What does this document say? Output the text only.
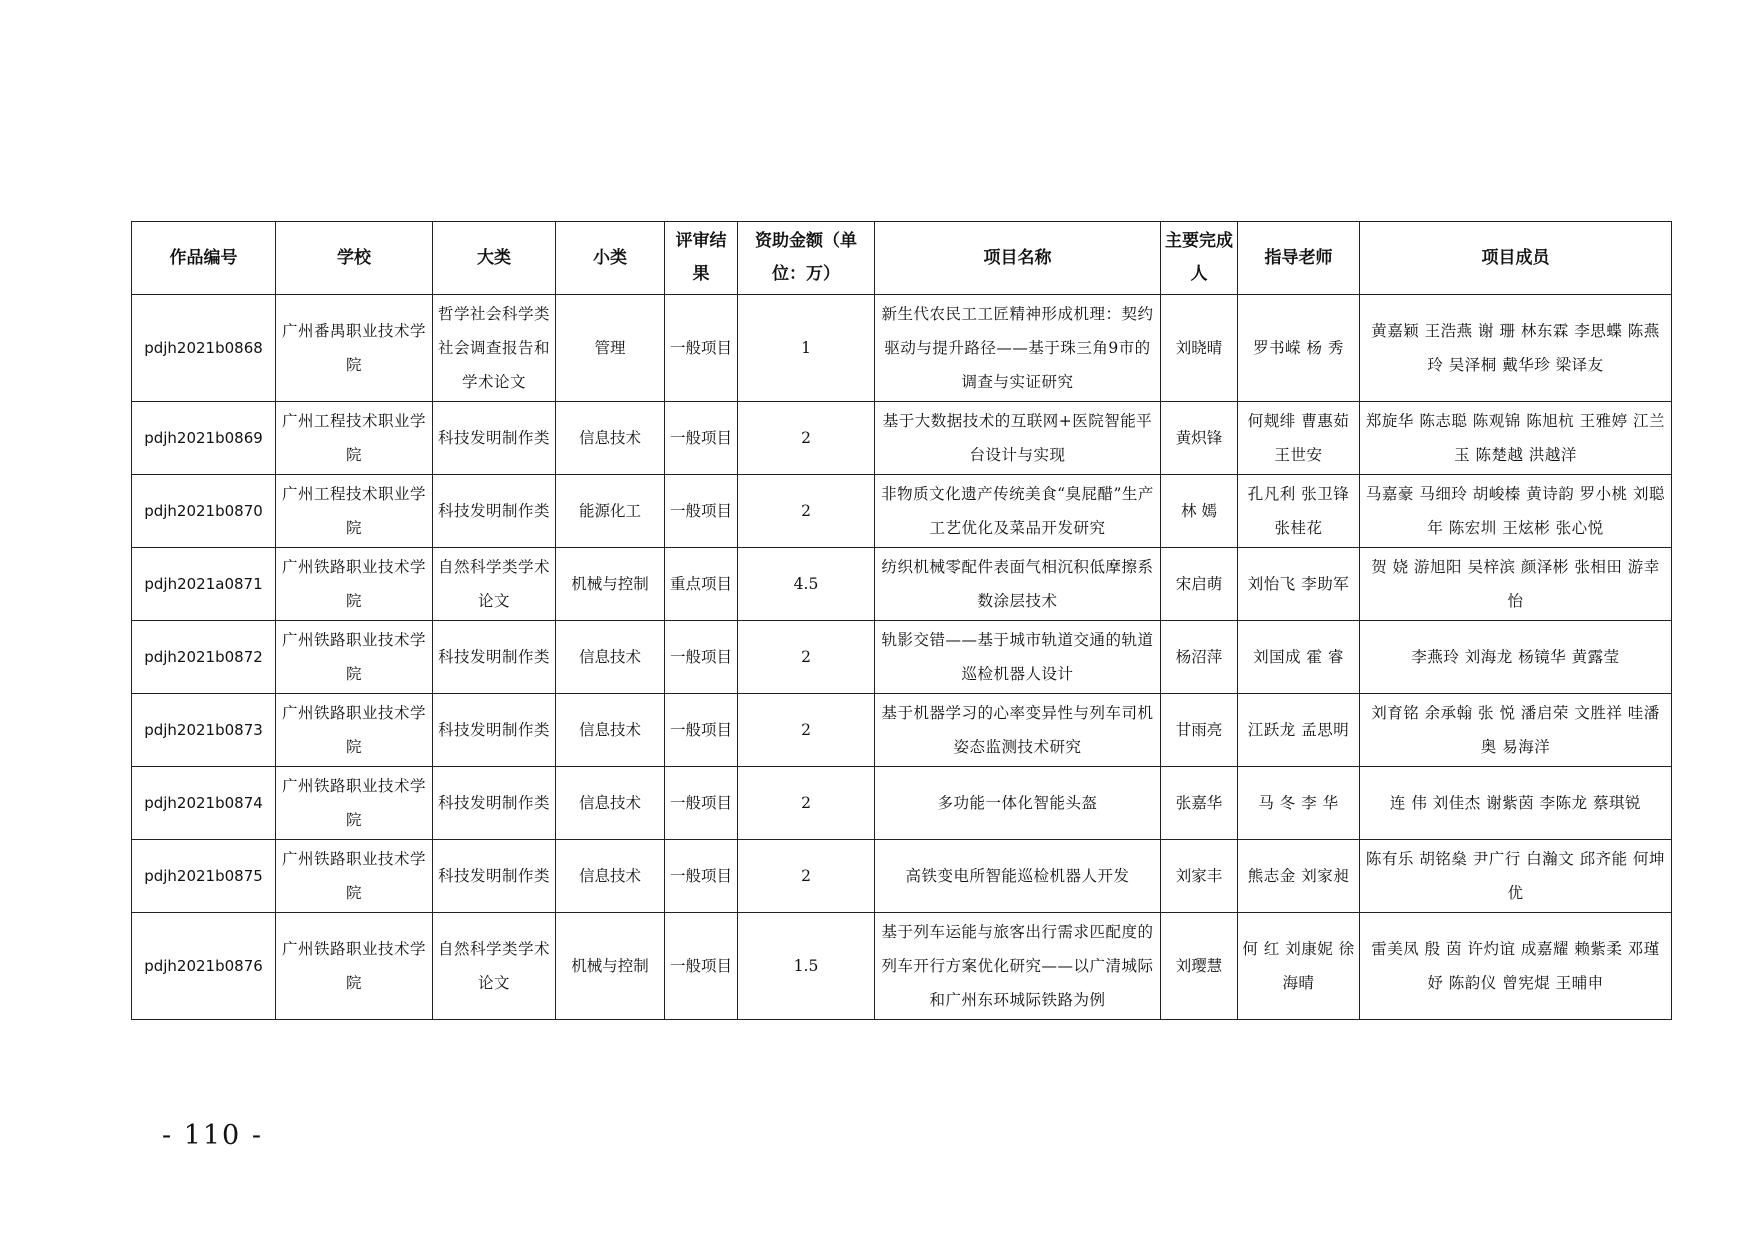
作品编号	学校	大类	小类	评审结果	资助金额（单位：万）	项目名称	主要完成人	指导老师	项目成员
pdjh2021b0868	广州番禺职业技术学院	哲学社会科学类社会调查报告和学术论文	管理	一般项目	1	新生代农民工工匠精神形成机理：契约驱动与提升路径——基于珠三角9市的调查与实证研究	刘晓晴	罗书嵘 杨 秀	黄嘉颖 王浩燕 谢 珊 林东霖 李思蝶 陈燕玲 吴泽桐 戴华珍 梁译友
pdjh2021b0869	广州工程技术职业学院	科技发明制作类	信息技术	一般项目	2	基于大数据技术的互联网+医院智能平台设计与实现	黄炽锋	何觌绯 曹惠茹 王世安	郑旋华 陈志聪 陈观锦 陈旭杭 王雅婷 江兰玉 陈楚越 洪越洋
pdjh2021b0870	广州工程技术职业学院	科技发明制作类	能源化工	一般项目	2	非物质文化遗产传统美食“臭屁醋”生产工艺优化及菜品开发研究	林 嫣	孔凡利 张卫锋 张桂花	马嘉豪 马细玲 胡峻榛 黄诗韵 罗小桃 刘聪年 陈宏圳 王炫彬 张心悦
pdjh2021a0871	广州铁路职业技术学院	自然科学类学术论文	机械与控制	重点项目	4.5	纺织机械零配件表面气相沉积低摩擦系数涂层技术	宋启萌	刘怡飞 李助军	贺 娆 游旭阳 吴梓滨 颜泽彬 张相田 游幸怡
pdjh2021b0872	广州铁路职业技术学院	科技发明制作类	信息技术	一般项目	2	轨影交错——基于城市轨道交通的轨道巡检机器人设计	杨沼萍	刘国成 霍 睿	李燕玲 刘海龙 杨镜华 黄露莹
pdjh2021b0873	广州铁路职业技术学院	科技发明制作类	信息技术	一般项目	2	基于机器学习的心率变异性与列车司机姿态监测技术研究	甘雨亮	江跃龙 孟思明	刘育铭 余承翰 张 悦 潘启荣 文胜祥 哇潘奥 易海洋
pdjh2021b0874	广州铁路职业技术学院	科技发明制作类	信息技术	一般项目	2	多功能一体化智能头盔	张嘉华	马 冬 李 华	连 伟 刘佳杰 谢紫茵 李陈龙 蔡琪锐
pdjh2021b0875	广州铁路职业技术学院	科技发明制作类	信息技术	一般项目	2	高铁变电所智能巡检机器人开发	刘家丰	熊志金 刘家昶	陈有乐 胡铭燊 尹广行 白瀚文 邱齐能 何坤优
pdjh2021b0876	广州铁路职业技术学院	自然科学类学术论文	机械与控制	一般项目	1.5	基于列车运能与旅客出行需求匹配度的列车开行方案优化研究——以广清城际和广州东环城际铁路为例	刘璎慧	何 红 刘康妮 徐海晴	雷美凤 殷 茵 许灼谊 成嘉耀 赖紫柔 邓瑾妤 陈韵仪 曾宪焜 王晡申
- 110 -
